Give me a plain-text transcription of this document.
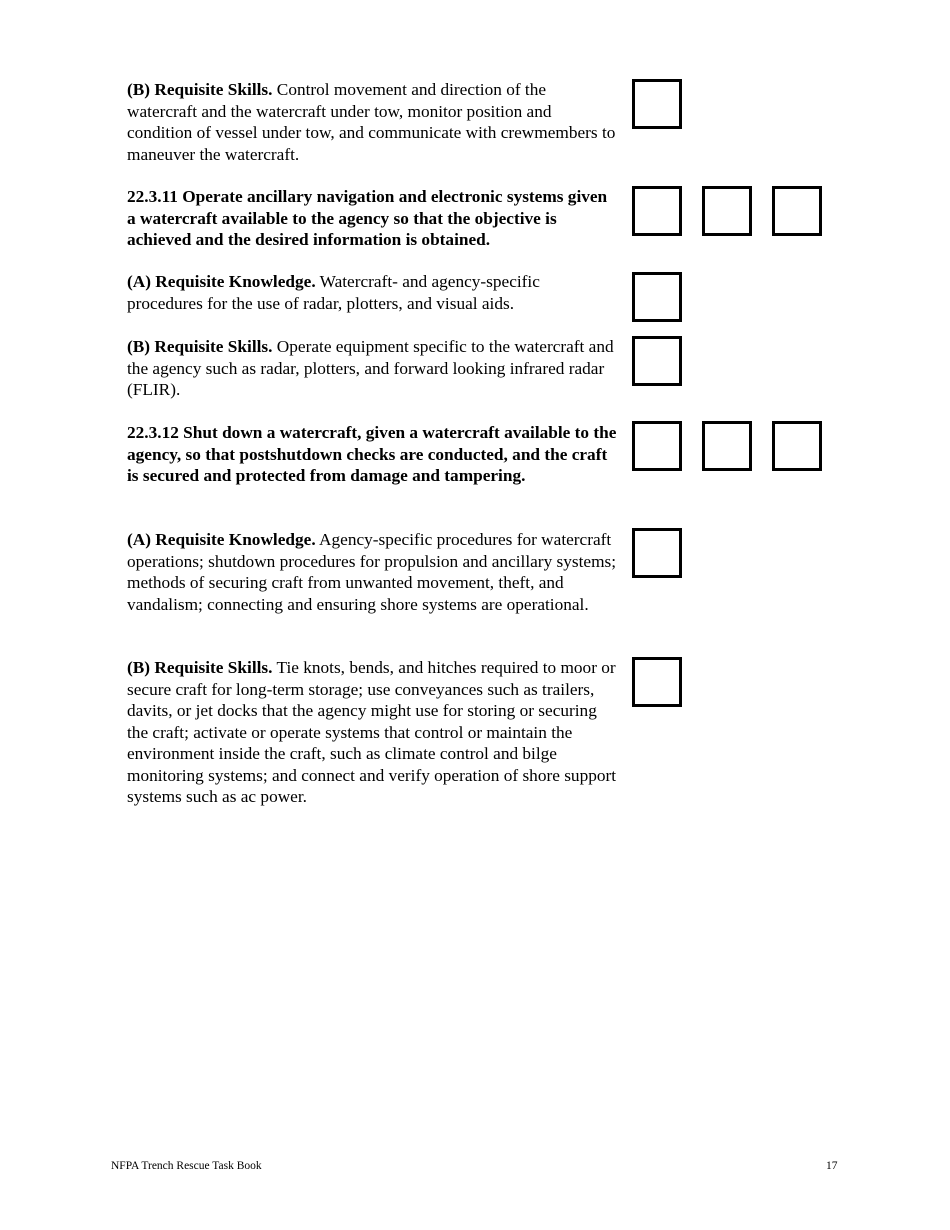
(B) Requisite Skills. Control movement and direction of the watercraft and the watercraft under tow, monitor position and condition of vessel under tow, and communicate with crewmembers to maneuver the watercraft.
22.3.11 Operate ancillary navigation and electronic systems given a watercraft available to the agency so that the objective is achieved and the desired information is obtained.
(A) Requisite Knowledge. Watercraft- and agency-specific procedures for the use of radar, plotters, and visual aids.
(B) Requisite Skills. Operate equipment specific to the watercraft and the agency such as radar, plotters, and forward looking infrared radar (FLIR).
22.3.12 Shut down a watercraft, given a watercraft available to the agency, so that postshutdown checks are conducted, and the craft is secured and protected from damage and tampering.
(A) Requisite Knowledge. Agency-specific procedures for watercraft operations; shutdown procedures for propulsion and ancillary systems; methods of securing craft from unwanted movement, theft, and vandalism; connecting and ensuring shore systems are operational.
(B) Requisite Skills. Tie knots, bends, and hitches required to moor or secure craft for long-term storage; use conveyances such as trailers, davits, or jet docks that the agency might use for storing or securing the craft; activate or operate systems that control or maintain the environment inside the craft, such as climate control and bilge monitoring systems; and connect and verify operation of shore support systems such as ac power.
NFPA Trench Rescue Task Book	17
